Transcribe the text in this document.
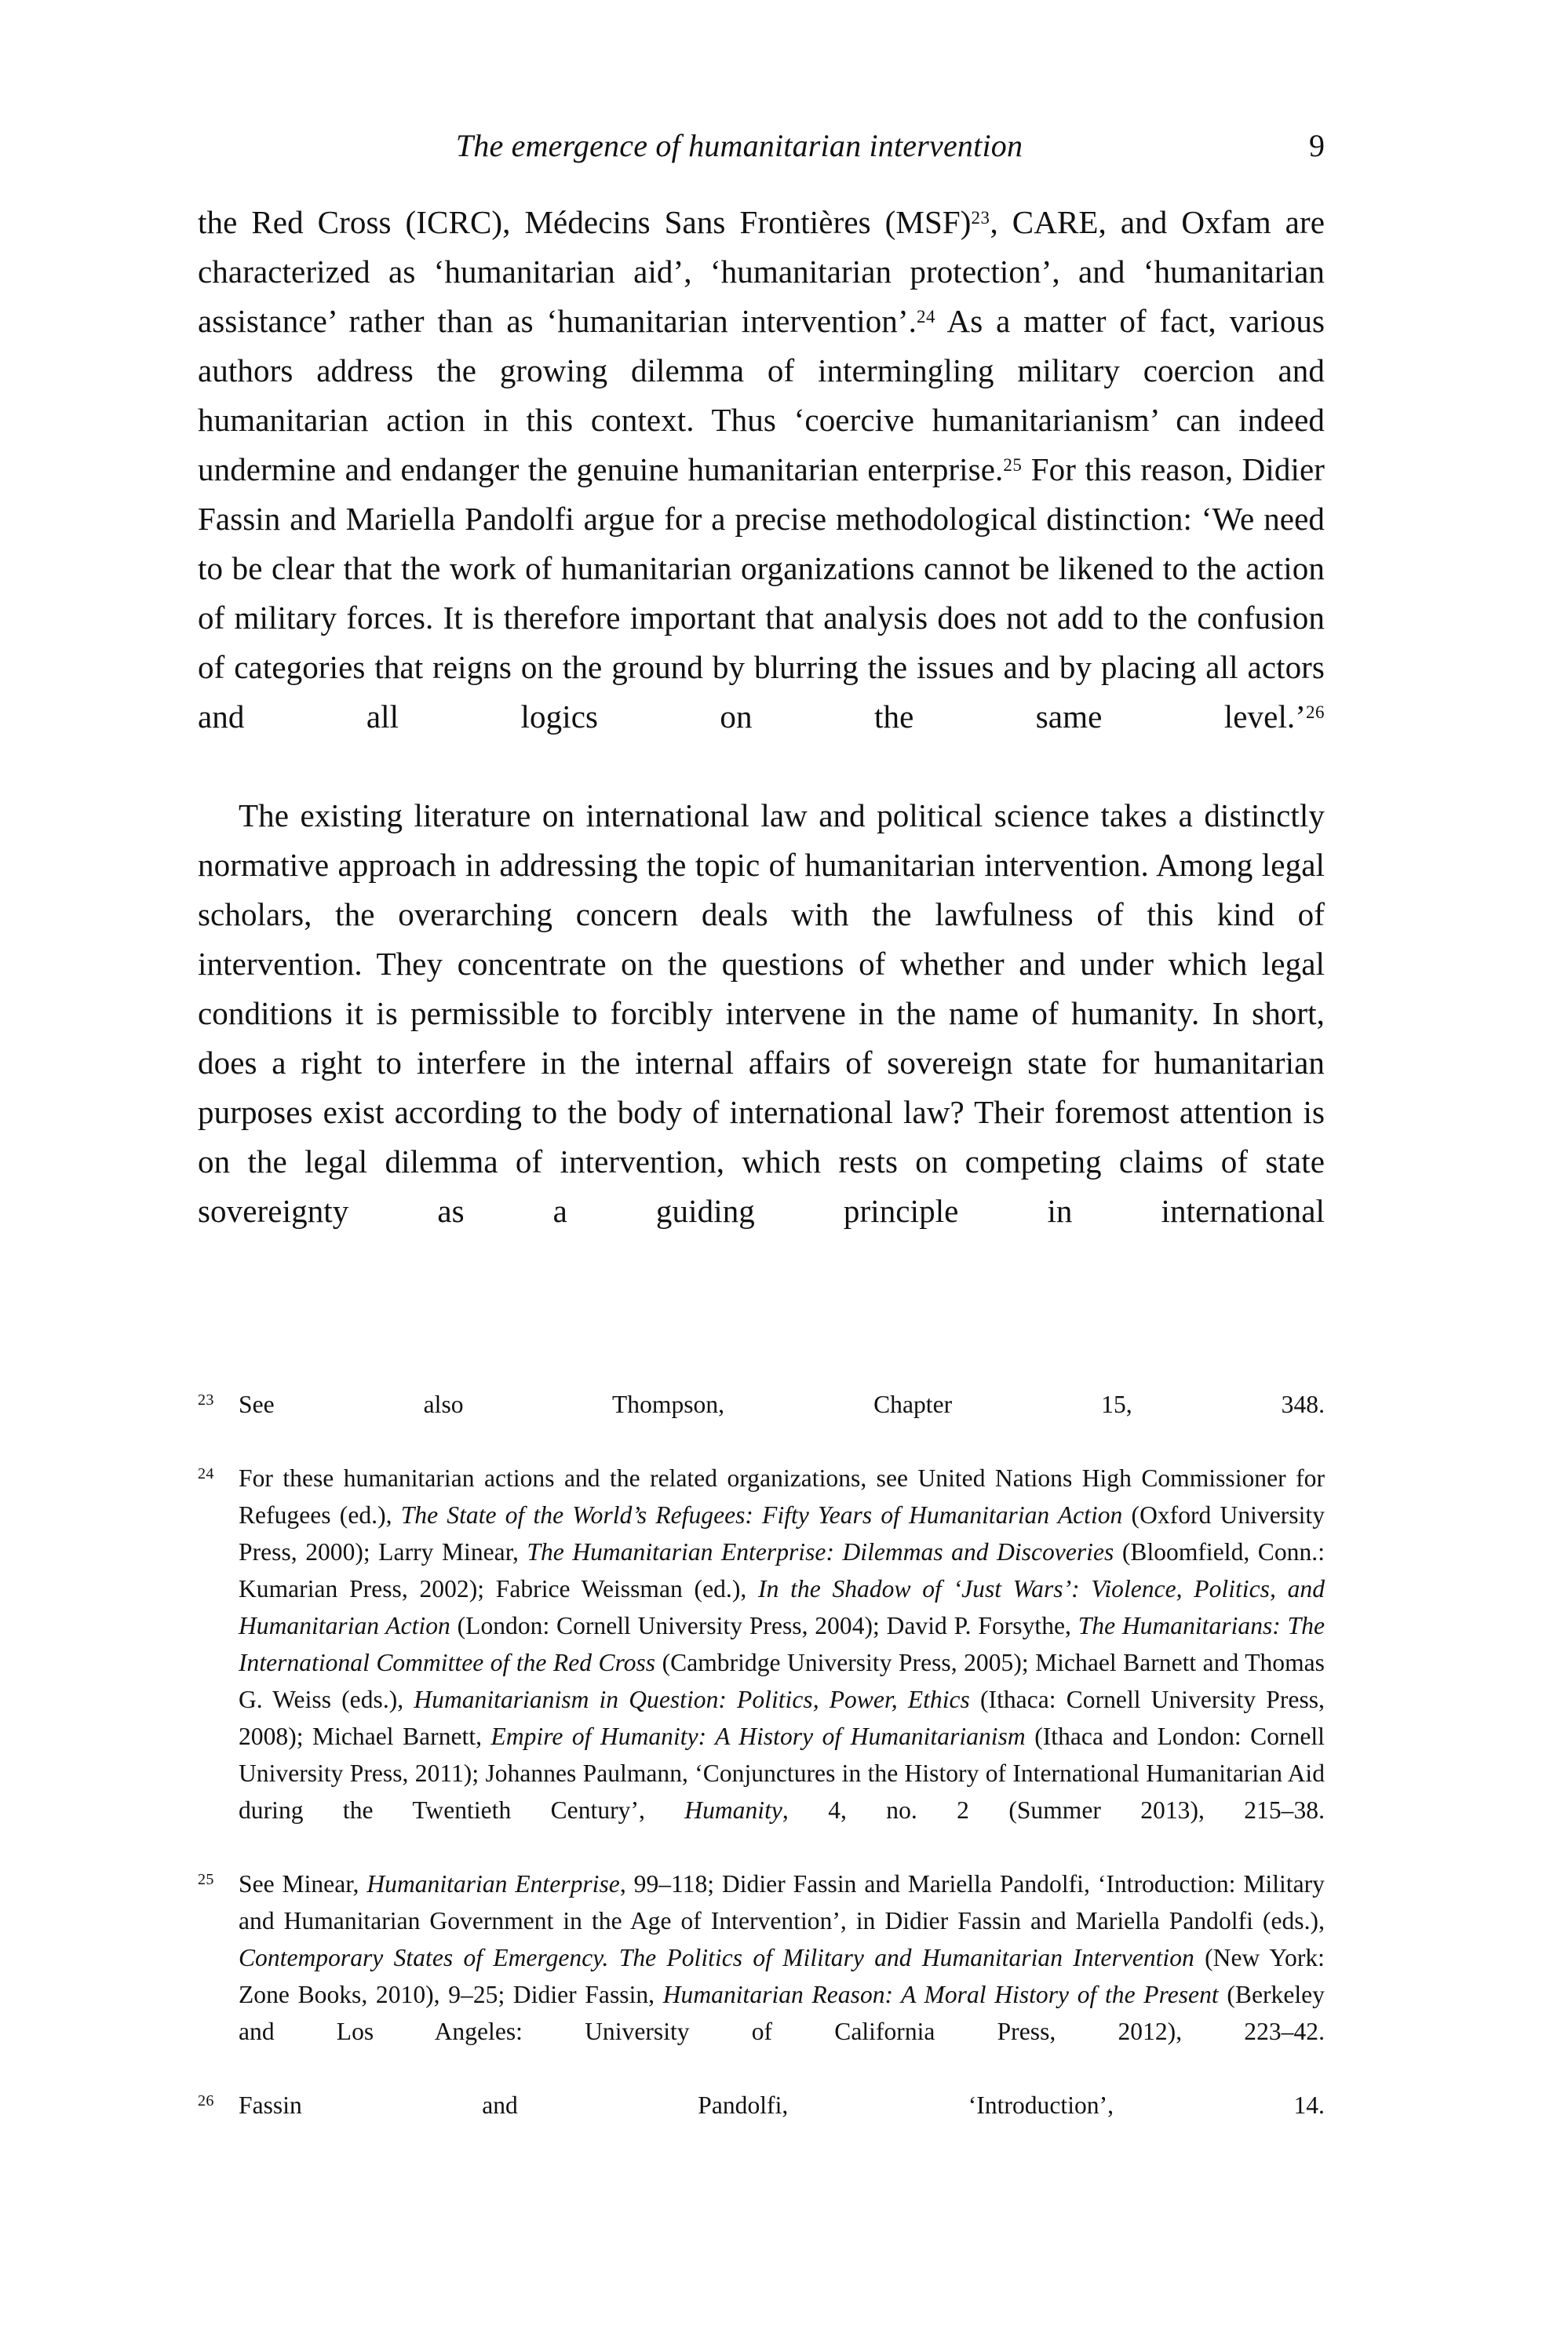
The emergence of humanitarian intervention	9

the Red Cross (ICRC), Médecins Sans Frontières (MSF)$^{23}$, CARE, and Oxfam are characterized as ‘humanitarian aid’, ‘humanitarian protection’, and ‘humanitarian assistance’ rather than as ‘humanitarian intervention’.$^{24}$ As a matter of fact, various authors address the growing dilemma of intermingling military coercion and humanitarian action in this context. Thus ‘coercive humanitarianism’ can indeed undermine and endanger the genuine humanitarian enterprise.$^{25}$ For this reason, Didier Fassin and Mariella Pandolfi argue for a precise methodological distinction: ‘We need to be clear that the work of humanitarian organizations cannot be likened to the action of military forces. It is therefore important that analysis does not add to the confusion of categories that reigns on the ground by blurring the issues and by placing all actors and all logics on the same level.’$^{26}$

The existing literature on international law and political science takes a distinctly normative approach in addressing the topic of humanitarian intervention. Among legal scholars, the overarching concern deals with the lawfulness of this kind of intervention. They concentrate on the questions of whether and under which legal conditions it is permissible to forcibly intervene in the name of humanity. In short, does a right to interfere in the internal affairs of sovereign state for humanitarian purposes exist according to the body of international law? Their foremost attention is on the legal dilemma of intervention, which rests on competing claims of state sovereignty as a guiding principle in international

23 See also Thompson, Chapter 15, 348.

24 For these humanitarian actions and the related organizations, see United Nations High Commissioner for Refugees (ed.), The State of the World’s Refugees: Fifty Years of Humanitarian Action (Oxford University Press, 2000); Larry Minear, The Humanitarian Enterprise: Dilemmas and Discoveries (Bloomfield, Conn.: Kumarian Press, 2002); Fabrice Weissman (ed.), In the Shadow of ‘Just Wars’: Violence, Politics, and Humanitarian Action (London: Cornell University Press, 2004); David P. Forsythe, The Humanitarians: The International Committee of the Red Cross (Cambridge University Press, 2005); Michael Barnett and Thomas G. Weiss (eds.), Humanitarianism in Question: Politics, Power, Ethics (Ithaca: Cornell University Press, 2008); Michael Barnett, Empire of Humanity: A History of Humanitarianism (Ithaca and London: Cornell University Press, 2011); Johannes Paulmann, ‘Conjunctures in the History of International Humanitarian Aid during the Twentieth Century’, Humanity, 4, no. 2 (Summer 2013), 215–38.

25 See Minear, Humanitarian Enterprise, 99–118; Didier Fassin and Mariella Pandolfi, ‘Introduction: Military and Humanitarian Government in the Age of Intervention’, in Didier Fassin and Mariella Pandolfi (eds.), Contemporary States of Emergency. The Politics of Military and Humanitarian Intervention (New York: Zone Books, 2010), 9–25; Didier Fassin, Humanitarian Reason: A Moral History of the Present (Berkeley and Los Angeles: University of California Press, 2012), 223–42.

26 Fassin and Pandolfi, ‘Introduction’, 14.
